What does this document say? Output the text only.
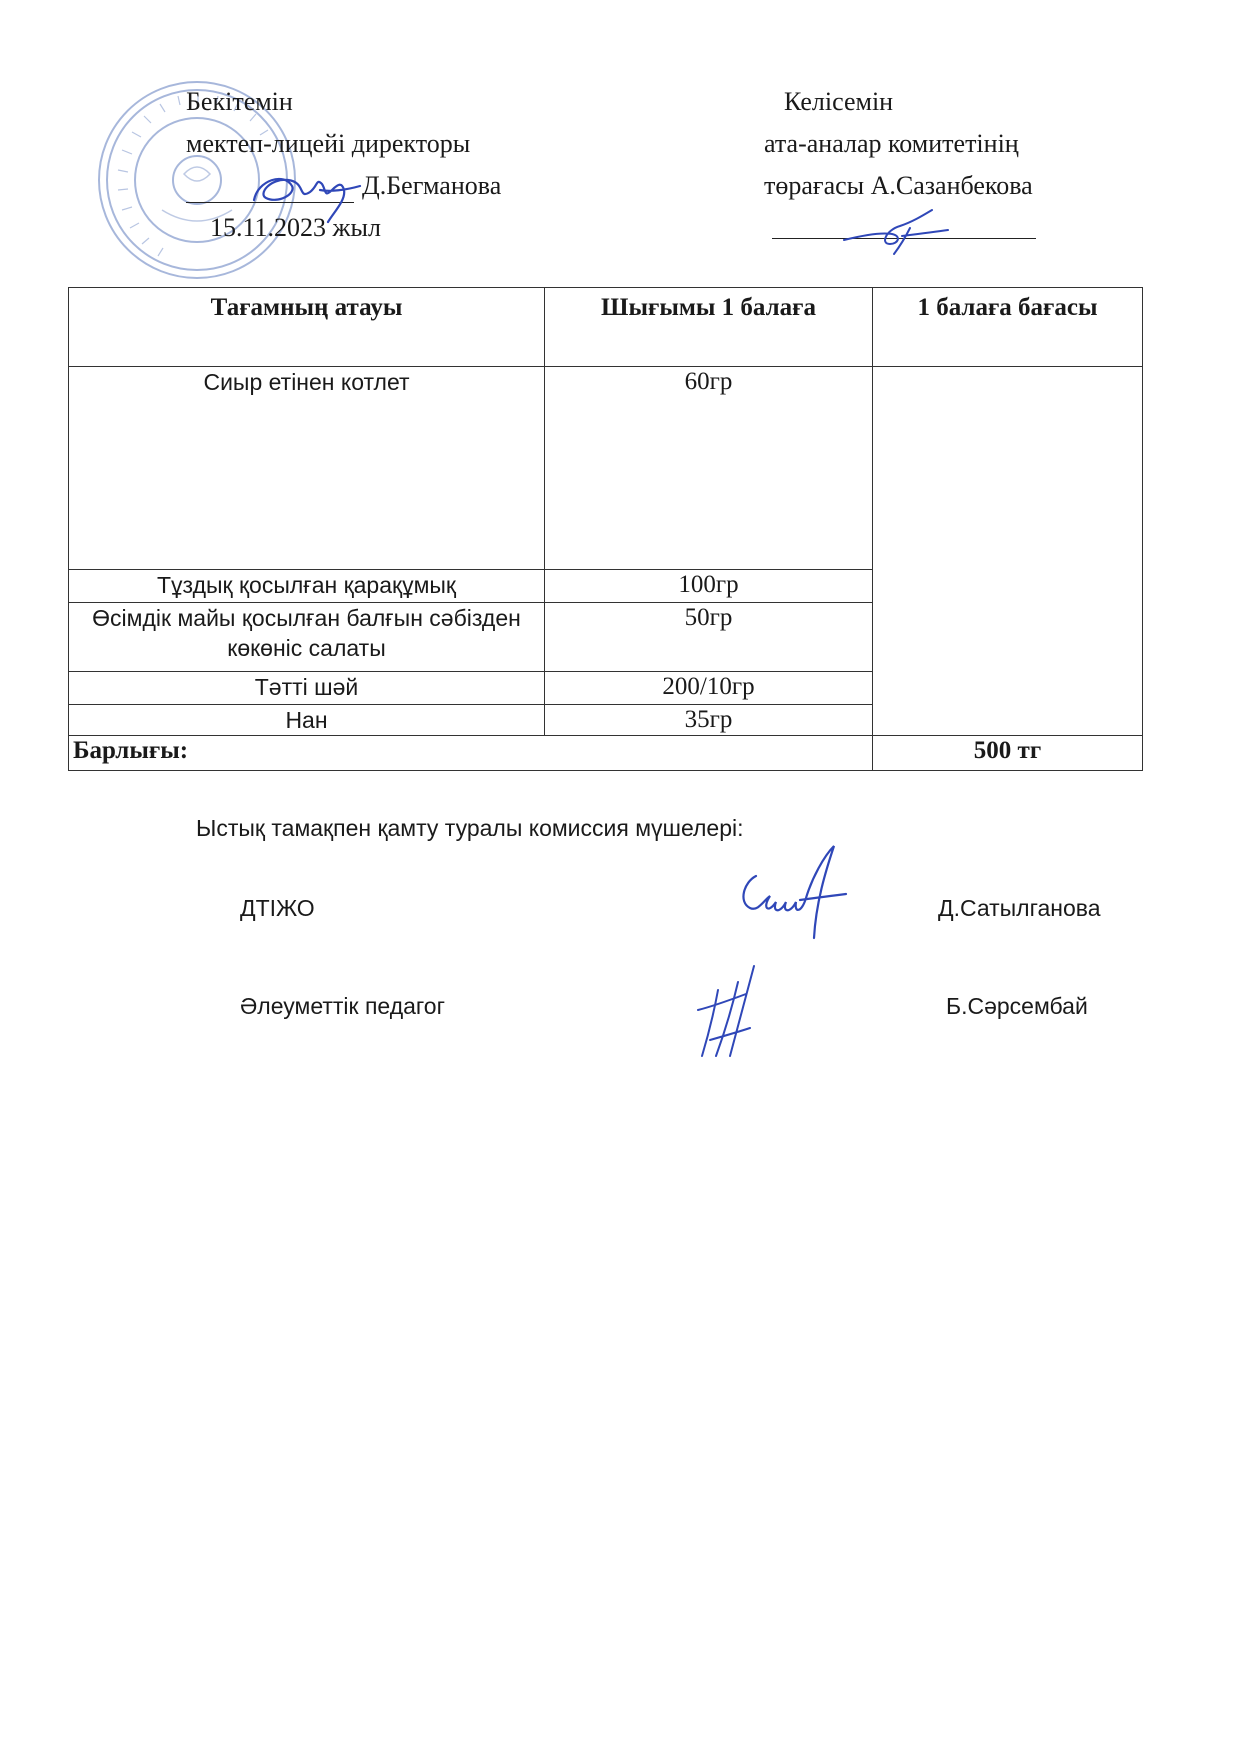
Бекітемін
мектеп-лицейі директоры
Д.Бегманова
15.11.2023 жыл
Келісемін
ата-аналар комитетінің
төрағасы А.Сазанбекова
Тағамның атауы	Шығымы 1 балаға	1 балаға бағасы
Сиыр етінен котлет	60гр	
Тұздық қосылған қарақұмық	100гр	
Өсімдік майы қосылған балғын сәбізден көкөніс салаты	50гр	
Тәтті шәй	200/10гр	
Нан	35гр	
Барлығы:		500 тг
Ыстық тамақпен қамту туралы комиссия мүшелері:
ДТІЖО	Д.Сатылганова
Әлеуметтік педагог	Б.Сәрсембай
